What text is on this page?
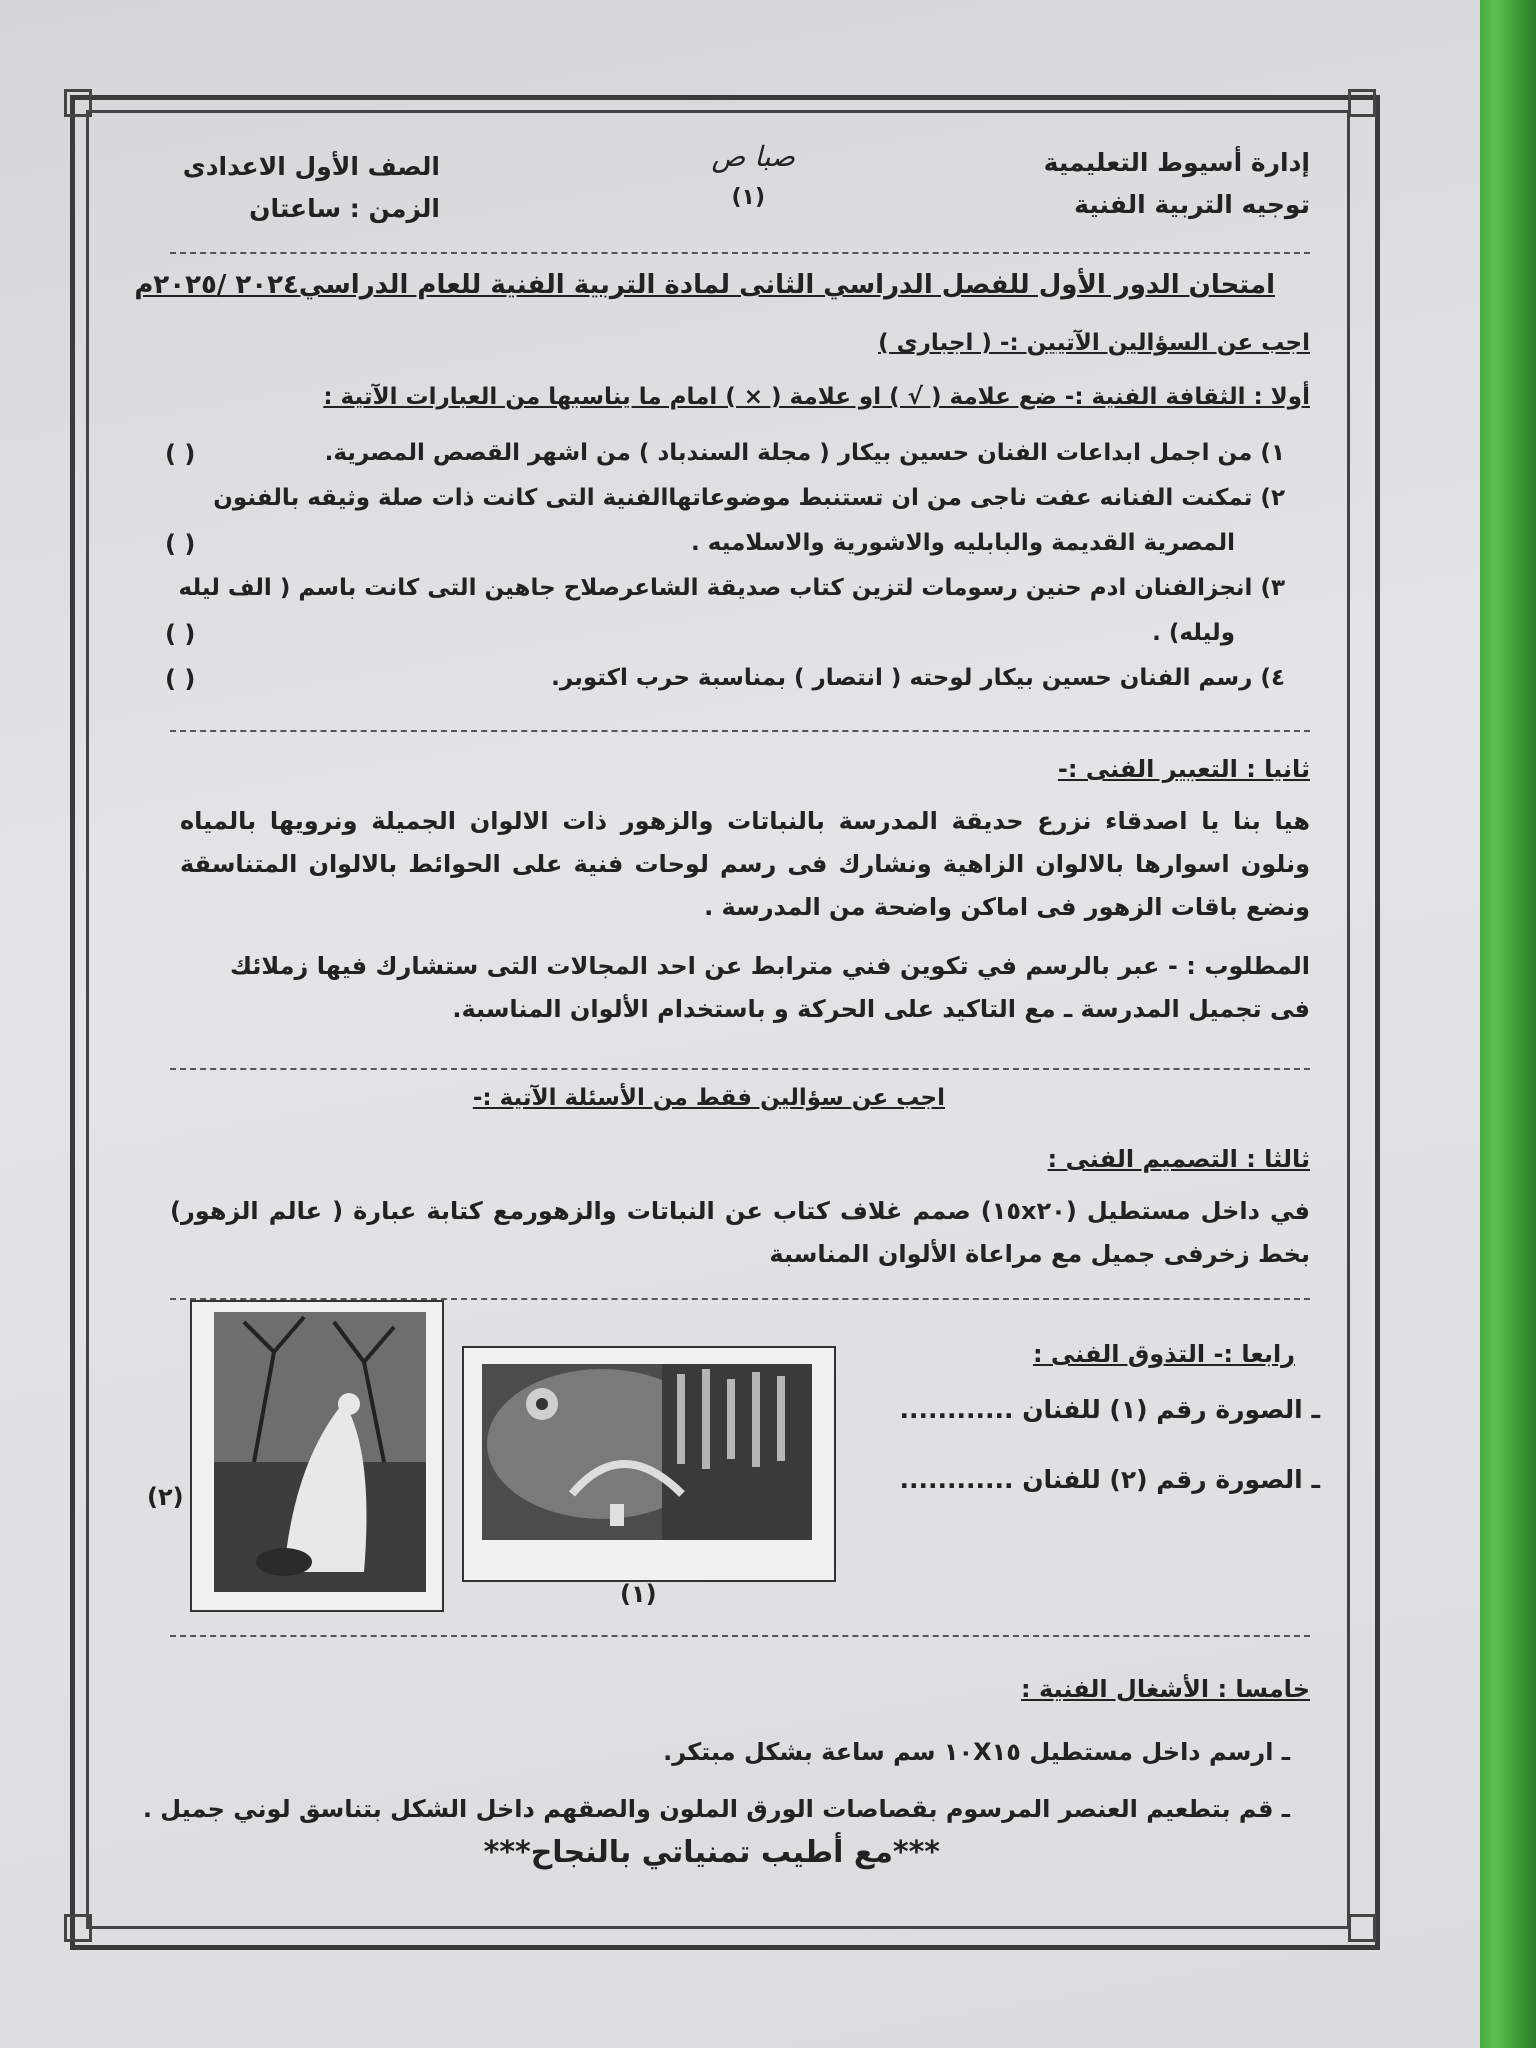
إدارة أسيوط التعليمية
توجيه التربية الفنية
صبا ص
(١)
الصف الأول الاعدادى
الزمن : ساعتان
امتحان الدور الأول للفصل الدراسي الثانى لمادة التربية الفنية للعام الدراسي٢٠٢٤ /٢٠٢٥م
اجب عن السؤالين الآتيين :- ( اجبارى )
أولا : الثقافة الفنية :- ضع علامة ( √ ) او علامة ( × ) امام ما يناسبها من العبارات الآتية :
١) من اجمل ابداعات الفنان حسين بيكار ( مجلة السندباد ) من اشهر القصص المصرية.
( )
٢) تمكنت الفنانه عفت ناجى من ان تستنبط موضوعاتهاالفنية التى كانت ذات صلة وثيقه بالفنون
المصرية القديمة والبابليه والاشورية والاسلاميه .
( )
٣) انجزالفنان ادم حنين رسومات لتزين كتاب صديقة الشاعرصلاح جاهين التى كانت باسم ( الف ليله
وليله) .
( )
٤) رسم الفنان حسين بيكار لوحته ( انتصار ) بمناسبة حرب اكتوبر.
( )
ثانيا : التعبير الفنى :-
هيا بنا يا اصدقاء نزرع حديقة المدرسة بالنباتات والزهور ذات الالوان الجميلة ونرويها بالمياه ونلون اسوارها بالالوان الزاهية ونشارك فى رسم لوحات فنية على الحوائط بالالوان المتناسقة ونضع باقات الزهور فى اماكن واضحة من المدرسة .
المطلوب : - عبر بالرسم في تكوين فني مترابط عن احد المجالات التى ستشارك فيها زملائك فى تجميل المدرسة ـ مع التاكيد على الحركة و باستخدام الألوان المناسبة.
اجب عن سؤالين فقط من الأسئلة الآتية :-
ثالثا : التصميم الفنى :
في داخل مستطيل (١٥x٢٠) صمم غلاف كتاب عن النباتات والزهورمع كتابة عبارة ( عالم الزهور) بخط زخرفى جميل مع مراعاة الألوان المناسبة
رابعا :- التذوق الفنى :
ـ الصورة رقم (١) للفنان ............
ـ الصورة رقم (٢) للفنان ............
(١)
(٢)
خامسا : الأشغال الفنية :
ـ ارسم داخل مستطيل ١٠X١٥ سم ساعة بشكل مبتكر.
ـ قم بتطعيم العنصر المرسوم بقصاصات الورق الملون والصقهم داخل الشكل بتناسق لوني جميل .
***مع أطيب تمنياتي بالنجاح***
